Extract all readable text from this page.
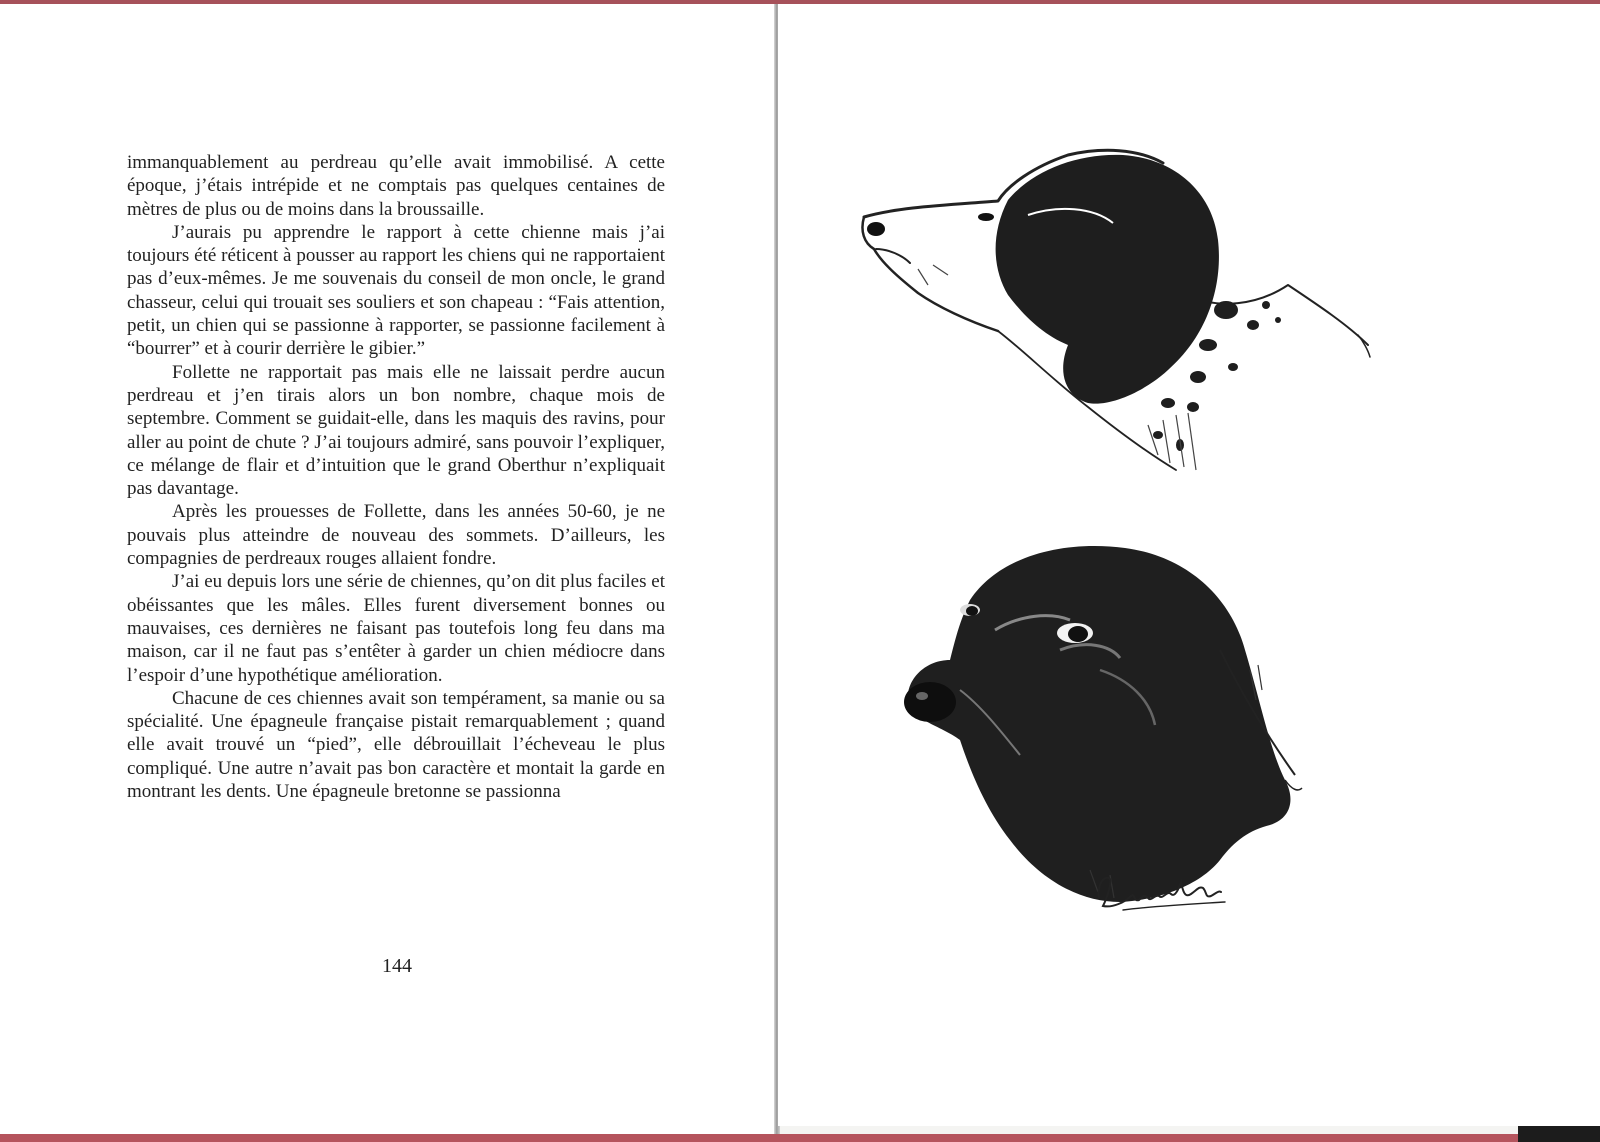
immanquablement au perdreau qu’elle avait immobilisé. A cette époque, j’étais intrépide et ne comptais pas quelques centaines de mètres de plus ou de moins dans la broussaille.

J’aurais pu apprendre le rapport à cette chienne mais j’ai toujours été réticent à pousser au rapport les chiens qui ne rapportaient pas d’eux-mêmes. Je me souvenais du conseil de mon oncle, le grand chasseur, celui qui trouait ses souliers et son chapeau : “Fais attention, petit, un chien qui se passionne à rapporter, se passionne facilement à “bourrer” et à courir derrière le gibier.”

Follette ne rapportait pas mais elle ne laissait perdre aucun perdreau et j’en tirais alors un bon nombre, chaque mois de septembre. Comment se guidait-elle, dans les maquis des ravins, pour aller au point de chute ? J’ai toujours admiré, sans pouvoir l’expliquer, ce mélange de flair et d’intuition que le grand Oberthur n’expliquait pas davantage.

Après les prouesses de Follette, dans les années 50-60, je ne pouvais plus atteindre de nouveau des sommets. D’ailleurs, les compagnies de perdreaux rouges allaient fondre.

J’ai eu depuis lors une série de chiennes, qu’on dit plus faciles et obéissantes que les mâles. Elles furent diversement bonnes ou mauvaises, ces dernières ne faisant pas toutefois long feu dans ma maison, car il ne faut pas s’entêter à garder un chien médiocre dans l’espoir d’une hypothétique amélioration.

Chacune de ces chiennes avait son tempérament, sa manie ou sa spécialité. Une épagneule française pistait remarquablement ; quand elle avait trouvé un “pied”, elle débrouillait l’écheveau le plus compliqué. Une autre n’avait pas bon caractère et montait la garde en montrant les dents. Une épagneule bretonne se passionna

144
